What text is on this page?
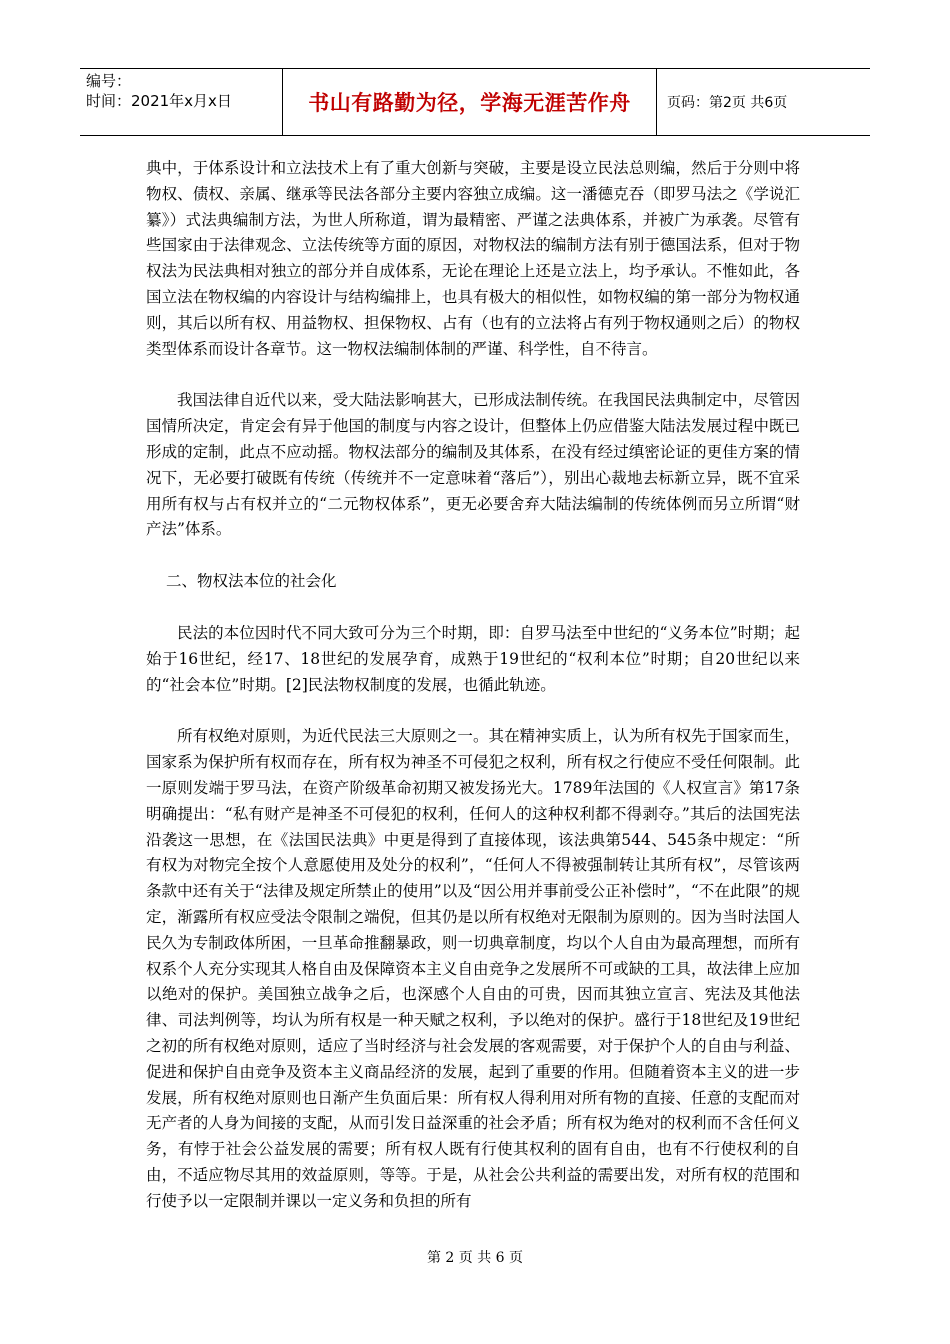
编号：
时间：2021年x月x日	书山有路勤为径，学海无涯苦作舟	页码：第2页 共6页

典中，于体系设计和立法技术上有了重大创新与突破，主要是设立民法总则编，然后于分则中将物权、债权、亲属、继承等民法各部分主要内容独立成编。这一潘德克吞（即罗马法之《学说汇纂》）式法典编制方法，为世人所称道，谓为最精密、严谨之法典体系，并被广为承袭。尽管有些国家由于法律观念、立法传统等方面的原因，对物权法的编制方法有别于德国法系，但对于物权法为民法典相对独立的部分并自成体系，无论在理论上还是立法上，均予承认。不惟如此，各国立法在物权编的内容设计与结构编排上，也具有极大的相似性，如物权编的第一部分为物权通则，其后以所有权、用益物权、担保物权、占有（也有的立法将占有列于物权通则之后）的物权类型体系而设计各章节。这一物权法编制体制的严谨、科学性，自不待言。

我国法律自近代以来，受大陆法影响甚大，已形成法制传统。在我国民法典制定中，尽管因国情所决定，肯定会有异于他国的制度与内容之设计，但整体上仍应借鉴大陆法发展过程中既已形成的定制，此点不应动摇。物权法部分的编制及其体系，在没有经过缜密论证的更佳方案的情况下，无必要打破既有传统（传统并不一定意味着“落后”），别出心裁地去标新立异，既不宜采用所有权与占有权并立的“二元物权体系”，更无必要舍弃大陆法编制的传统体例而另立所谓“财产法”体系。

二、物权法本位的社会化

民法的本位因时代不同大致可分为三个时期，即：自罗马法至中世纪的“义务本位”时期；起始于16世纪，经17、18世纪的发展孕育，成熟于19世纪的“权利本位”时期；自20世纪以来的“社会本位”时期。[2]民法物权制度的发展，也循此轨迹。

所有权绝对原则，为近代民法三大原则之一。其在精神实质上，认为所有权先于国家而生，国家系为保护所有权而存在，所有权为神圣不可侵犯之权利，所有权之行使应不受任何限制。此一原则发端于罗马法，在资产阶级革命初期又被发扬光大。1789年法国的《人权宣言》第17条明确提出：“私有财产是神圣不可侵犯的权利，任何人的这种权利都不得剥夺。”其后的法国宪法沿袭这一思想，在《法国民法典》中更是得到了直接体现，该法典第544、545条中规定：“所有权为对物完全按个人意愿使用及处分的权利”，“任何人不得被强制转让其所有权”，尽管该两条款中还有关于“法律及规定所禁止的使用”以及“因公用并事前受公正补偿时”，“不在此限”的规定，渐露所有权应受法令限制之端倪，但其仍是以所有权绝对无限制为原则的。因为当时法国人民久为专制政体所困，一旦革命推翻暴政，则一切典章制度，均以个人自由为最高理想，而所有权系个人充分实现其人格自由及保障资本主义自由竞争之发展所不可或缺的工具，故法律上应加以绝对的保护。美国独立战争之后，也深感个人自由的可贵，因而其独立宣言、宪法及其他法律、司法判例等，均认为所有权是一种天赋之权利，予以绝对的保护。盛行于18世纪及19世纪之初的所有权绝对原则，适应了当时经济与社会发展的客观需要，对于保护个人的自由与利益、促进和保护自由竞争及资本主义商品经济的发展，起到了重要的作用。但随着资本主义的进一步发展，所有权绝对原则也日渐产生负面后果：所有权人得利用对所有物的直接、任意的支配而对无产者的人身为间接的支配，从而引发日益深重的社会矛盾；所有权为绝对的权利而不含任何义务，有悖于社会公益发展的需要；所有权人既有行使其权利的固有自由，也有不行使权利的自由，不适应物尽其用的效益原则，等等。于是，从社会公共利益的需要出发，对所有权的范围和行使予以一定限制并课以一定义务和负担的所有

第 2 页 共 6 页
